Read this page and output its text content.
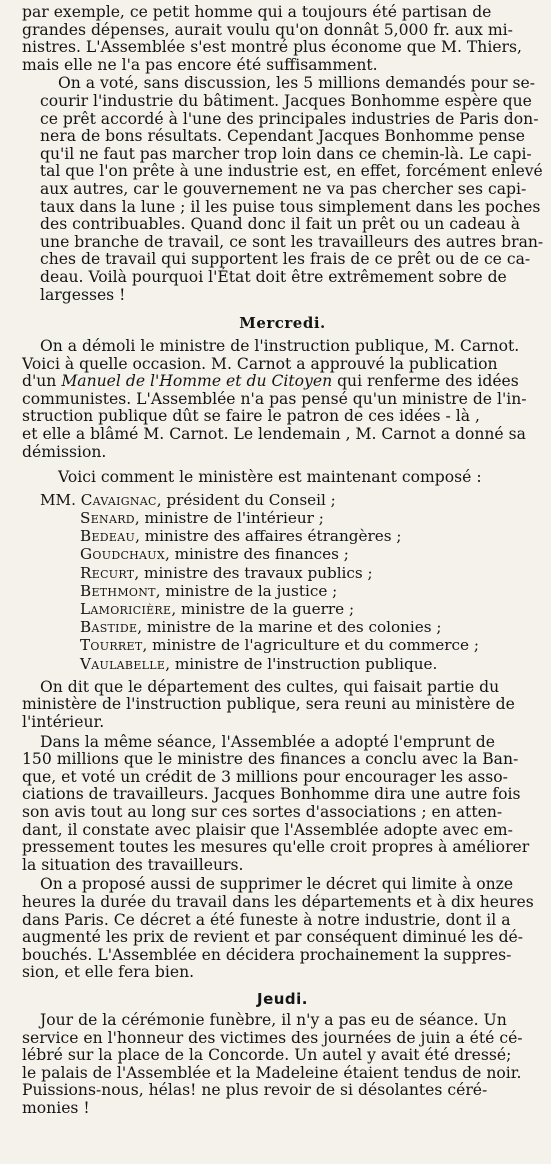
par exemple, ce petit homme qui a toujours été partisan de
grandes dépenses, aurait voulu qu'on donnât 5,000 fr. aux mi-
nistres. L'Assemblée s'est montré plus économe que M. Thiers,
mais elle ne l'a pas encore été suffisamment.

On a voté, sans discussion, les 5 millions demandés pour se-
courir l'industrie du bâtiment. Jacques Bonhomme espère que
ce prêt accordé à l'une des principales industries de Paris don-
nera de bons résultats. Cependant Jacques Bonhomme pense
qu'il ne faut pas marcher trop loin dans ce chemin-là. Le capi-
tal que l'on prête à une industrie est, en effet, forcément enlevé
aux autres, car le gouvernement ne va pas chercher ses capi-
taux dans la lune ; il les puise tous simplement dans les poches
des contribuables. Quand donc il fait un prêt ou un cadeau à
une branche de travail, ce sont les travailleurs des autres bran-
ches de travail qui supportent les frais de ce prêt ou de ce ca-
deau. Voilà pourquoi l'État doit être extrêmement sobre de
largesses !

Mercredi.

On a démoli le ministre de l'instruction publique, M. Carnot.
Voici à quelle occasion. M. Carnot a approuvé la publication
d'un Manuel de l'Homme et du Citoyen qui renferme des idées
communistes. L'Assemblée n'a pas pensé qu'un ministre de l'in-
struction publique dût se faire le patron de ces idées - là ,
et elle a blâmé M. Carnot. Le lendemain , M. Carnot a donné sa
démission.

Voici comment le ministère est maintenant composé :

MM. Cavaignac, président du Conseil ;
Senard, ministre de l'intérieur ;
Bedeau, ministre des affaires étrangères ;
Goudchaux, ministre des finances ;
Recurt, ministre des travaux publics ;
Bethmont, ministre de la justice ;
Lamoricière, ministre de la guerre ;
Bastide, ministre de la marine et des colonies ;
Tourret, ministre de l'agriculture et du commerce ;
Vaulabelle, ministre de l'instruction publique.

On dit que le département des cultes, qui faisait partie du
ministère de l'instruction publique, sera reuni au ministère de
l'intérieur.

Dans la même séance, l'Assemblée a adopté l'emprunt de
150 millions que le ministre des finances a conclu avec la Ban-
que, et voté un crédit de 3 millions pour encourager les asso-
ciations de travailleurs. Jacques Bonhomme dira une autre fois
son avis tout au long sur ces sortes d'associations ; en atten-
dant, il constate avec plaisir que l'Assemblée adopte avec em-
pressement toutes les mesures qu'elle croit propres à améliorer
la situation des travailleurs.

On a proposé aussi de supprimer le décret qui limite à onze
heures la durée du travail dans les départements et à dix heures
dans Paris. Ce décret a été funeste à notre industrie, dont il a
augmenté les prix de revient et par conséquent diminué les dé-
bouchés. L'Assemblée en décidera prochainement la suppres-
sion, et elle fera bien.

Jeudi.

Jour de la cérémonie funèbre, il n'y a pas eu de séance. Un
service en l'honneur des victimes des journées de juin a été cé-
lébré sur la place de la Concorde. Un autel y avait été dressé;
le palais de l'Assemblée et la Madeleine étaient tendus de noir.
Puissions-nous, hélas! ne plus revoir de si désolantes céré-
monies !
